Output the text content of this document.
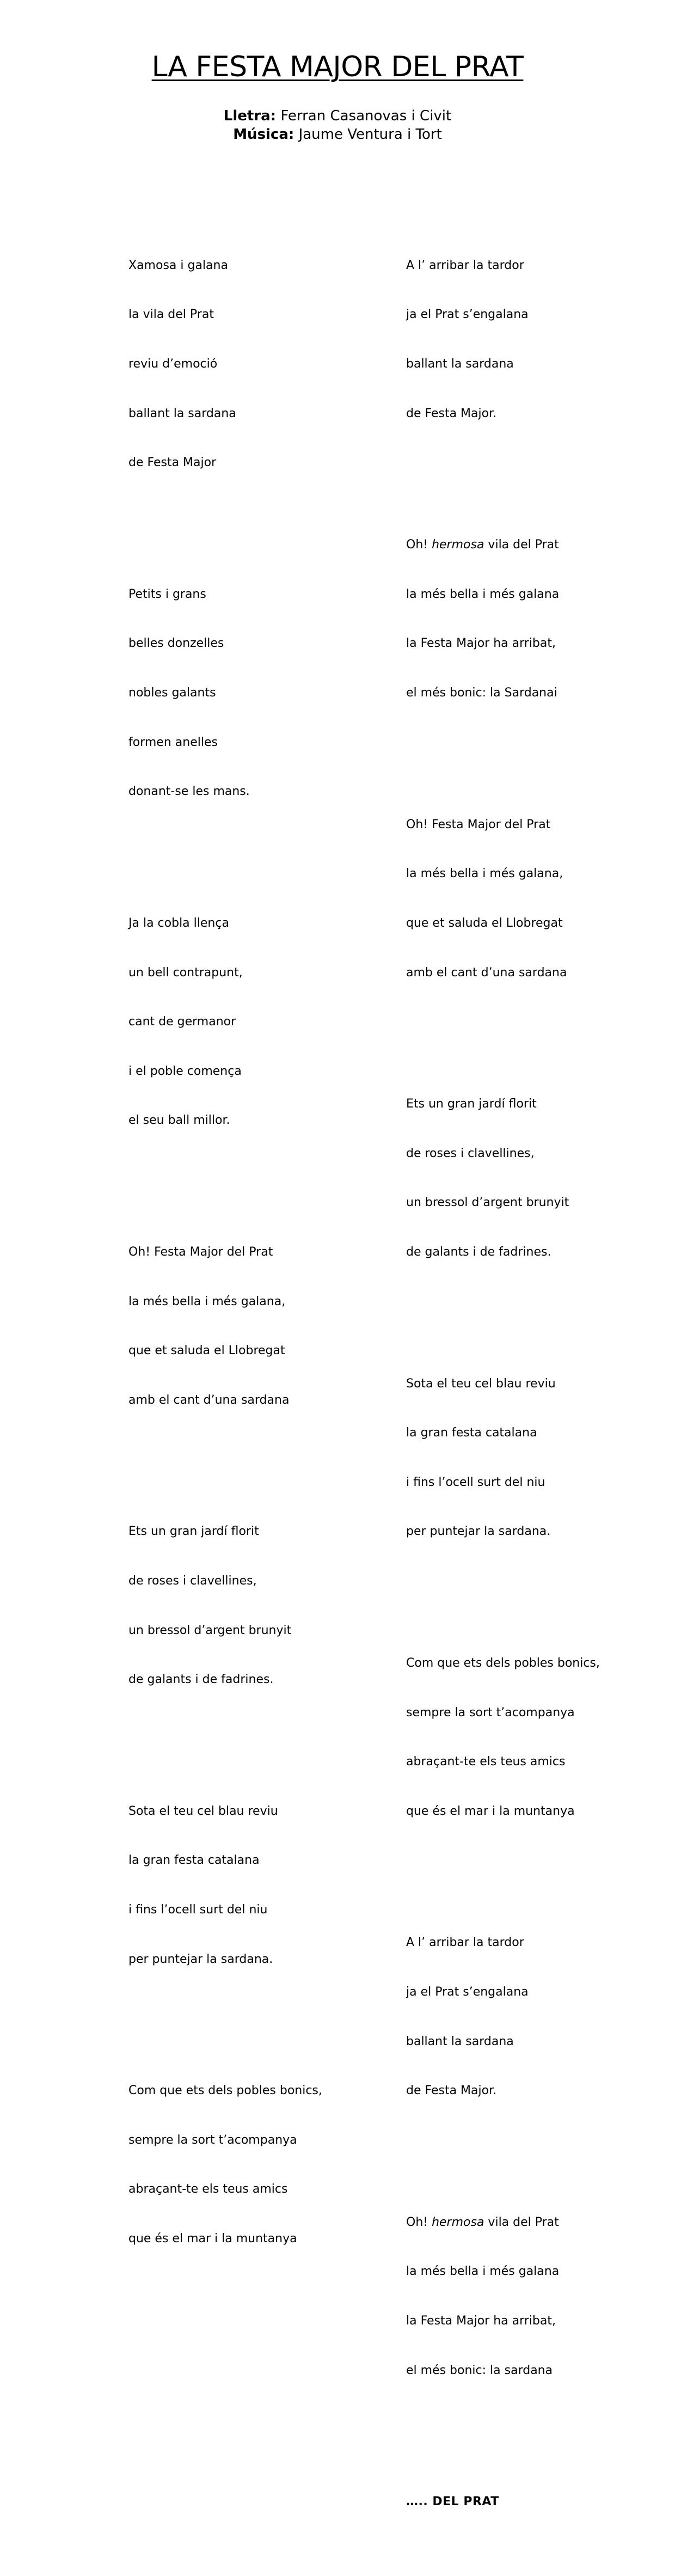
LA FESTA MAJOR DEL PRAT
Lletra: Ferran Casanovas i Civit
Música: Jaume Ventura i Tort

Xamosa i galana

la vila del Prat

reviu d’emoció

ballant la sardana

de Festa Major

Petits i grans

belles donzelles

nobles galants

formen anelles

donant-se les mans.

Ja la cobla llença

un bell contrapunt,

cant de germanor

i el poble comença

el seu ball millor.

Oh! Festa Major del Prat

la més bella i més galana,

que et saluda el Llobregat

amb el cant d’una sardana

Ets un gran jardí florit

de roses i clavellines,

un bressol d’argent brunyit

de galants i de fadrines.

Sota el teu cel blau reviu

la gran festa catalana

i fins l’ocell surt del niu

per puntejar la sardana.

Com que ets dels pobles bonics,

sempre la sort t’acompanya

abraçant-te els teus amics

que és el mar i la muntanya

A l’ arribar la tardor

ja el Prat s’engalana

ballant la sardana

de Festa Major.

Oh! hermosa vila del Prat

la més bella i més galana

la Festa Major ha arribat,

el més bonic: la Sardanai

Oh! Festa Major del Prat

la més bella i més galana,

que et saluda el Llobregat

amb el cant d’una sardana

Ets un gran jardí florit

de roses i clavellines,

un bressol d’argent brunyit

de galants i de fadrines.

Sota el teu cel blau reviu

la gran festa catalana

i fins l’ocell surt del niu

per puntejar la sardana.

Com que ets dels pobles bonics,

sempre la sort t’acompanya

abraçant-te els teus amics

que és el mar i la muntanya

A l’ arribar la tardor

ja el Prat s’engalana

ballant la sardana

de Festa Major.

Oh! hermosa vila del Prat

la més bella i més galana

la Festa Major ha arribat,

el més bonic: la sardana

….. DEL PRAT
